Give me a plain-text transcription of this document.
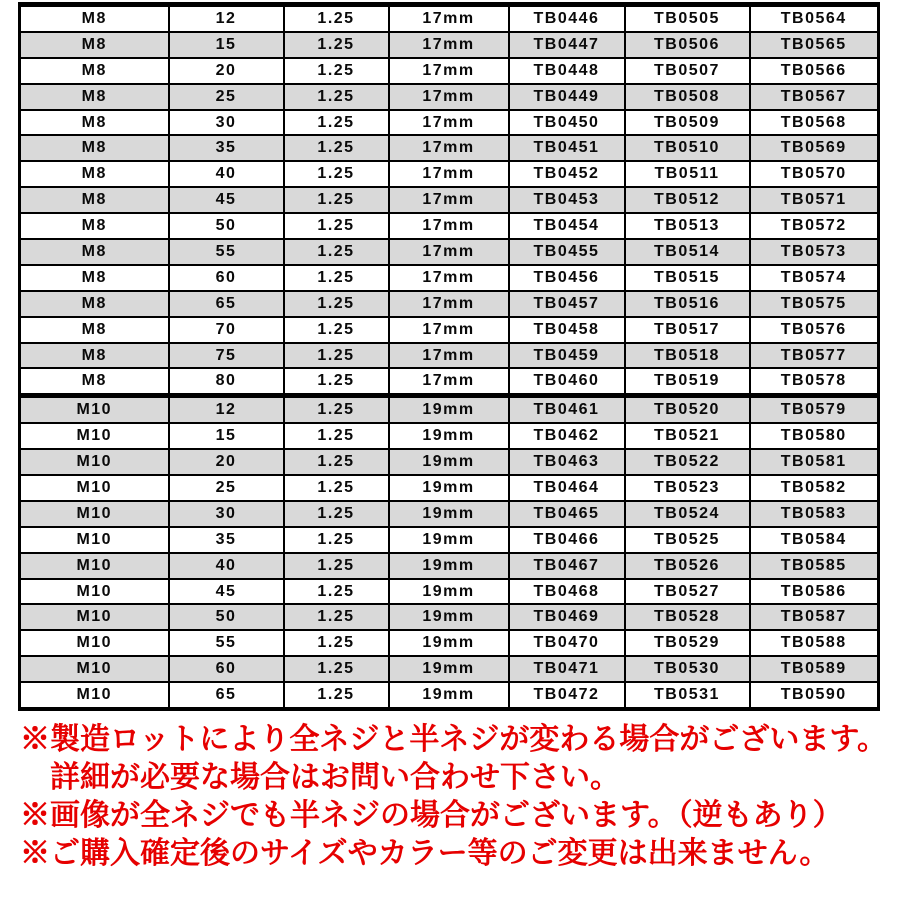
M8	12	1.25	17mm	TB0446	TB0505	TB0564
M8	15	1.25	17mm	TB0447	TB0506	TB0565
M8	20	1.25	17mm	TB0448	TB0507	TB0566
M8	25	1.25	17mm	TB0449	TB0508	TB0567
M8	30	1.25	17mm	TB0450	TB0509	TB0568
M8	35	1.25	17mm	TB0451	TB0510	TB0569
M8	40	1.25	17mm	TB0452	TB0511	TB0570
M8	45	1.25	17mm	TB0453	TB0512	TB0571
M8	50	1.25	17mm	TB0454	TB0513	TB0572
M8	55	1.25	17mm	TB0455	TB0514	TB0573
M8	60	1.25	17mm	TB0456	TB0515	TB0574
M8	65	1.25	17mm	TB0457	TB0516	TB0575
M8	70	1.25	17mm	TB0458	TB0517	TB0576
M8	75	1.25	17mm	TB0459	TB0518	TB0577
M8	80	1.25	17mm	TB0460	TB0519	TB0578
M10	12	1.25	19mm	TB0461	TB0520	TB0579
M10	15	1.25	19mm	TB0462	TB0521	TB0580
M10	20	1.25	19mm	TB0463	TB0522	TB0581
M10	25	1.25	19mm	TB0464	TB0523	TB0582
M10	30	1.25	19mm	TB0465	TB0524	TB0583
M10	35	1.25	19mm	TB0466	TB0525	TB0584
M10	40	1.25	19mm	TB0467	TB0526	TB0585
M10	45	1.25	19mm	TB0468	TB0527	TB0586
M10	50	1.25	19mm	TB0469	TB0528	TB0587
M10	55	1.25	19mm	TB0470	TB0529	TB0588
M10	60	1.25	19mm	TB0471	TB0530	TB0589
M10	65	1.25	19mm	TB0472	TB0531	TB0590
※製造ロットにより全ネジと半ネジが変わる場合がございます。
詳細が必要な場合はお問い合わせ下さい。
※画像が全ネジでも半ネジの場合がございます。（逆もあり）
※ご購入確定後のサイズやカラー等のご変更は出来ません。
